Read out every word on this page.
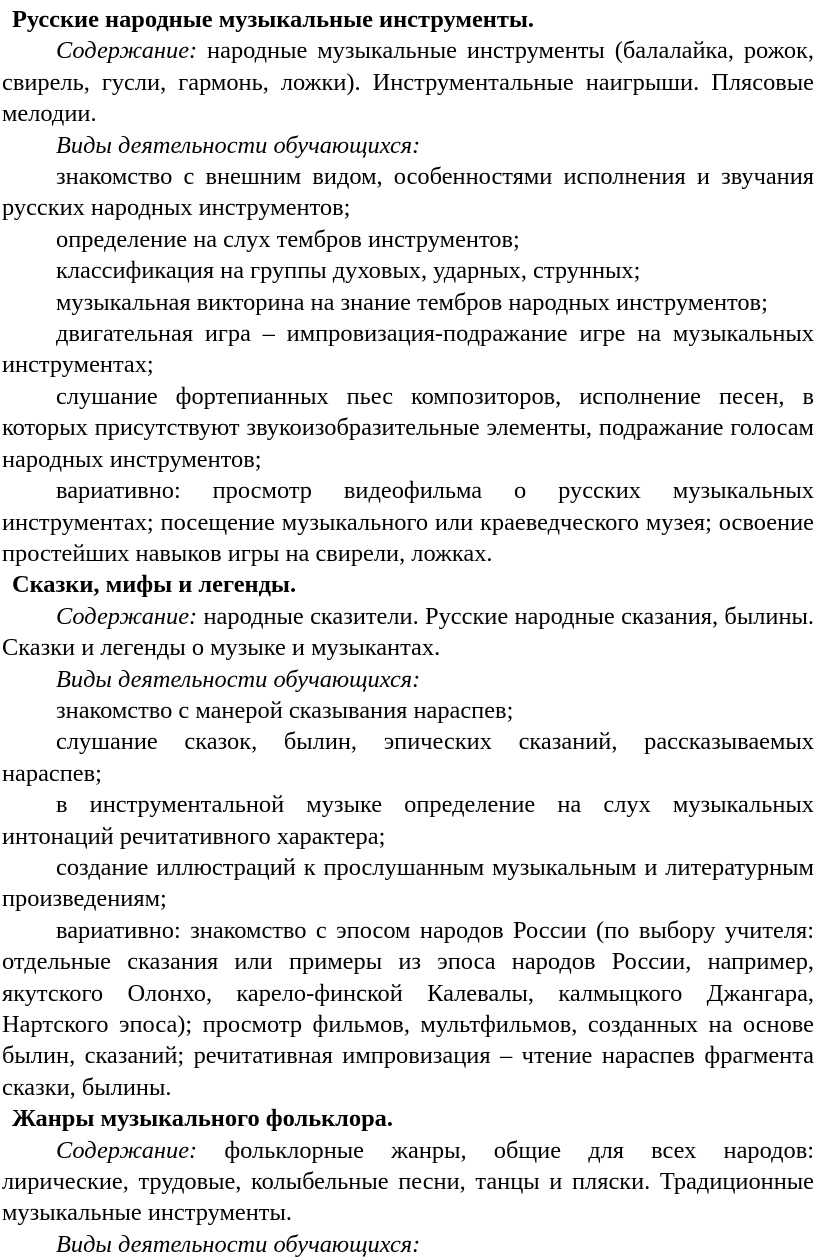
Русские народные музыкальные инструменты.

Содержание: народные музыкальные инструменты (балалайка, рожок, свирель, гусли, гармонь, ложки). Инструментальные наигрыши. Плясовые мелодии.

Виды деятельности обучающихся:

знакомство с внешним видом, особенностями исполнения и звучания русских народных инструментов;

определение на слух тембров инструментов;

классификация на группы духовых, ударных, струнных;

музыкальная викторина на знание тембров народных инструментов;

двигательная игра – импровизация-подражание игре на музыкальных инструментах;

слушание фортепианных пьес композиторов, исполнение песен, в которых присутствуют звукоизобразительные элементы, подражание голосам народных инструментов;

вариативно: просмотр видеофильма о русских музыкальных инструментах; посещение музыкального или краеведческого музея; освоение простейших навыков игры на свирели, ложках.

Сказки, мифы и легенды.

Содержание: народные сказители. Русские народные сказания, былины. Сказки и легенды о музыке и музыкантах.

Виды деятельности обучающихся:

знакомство с манерой сказывания нараспев;

слушание сказок, былин, эпических сказаний, рассказываемых нараспев;

в инструментальной музыке определение на слух музыкальных интонаций речитативного характера;

создание иллюстраций к прослушанным музыкальным и литературным произведениям;

вариативно: знакомство с эпосом народов России (по выбору учителя: отдельные сказания или примеры из эпоса народов России, например, якутского Олонхо, карело-финской Калевалы, калмыцкого Джангара, Нартского эпоса); просмотр фильмов, мультфильмов, созданных на основе былин, сказаний; речитативная импровизация – чтение нараспев фрагмента сказки, былины.

Жанры музыкального фольклора.

Содержание: фольклорные жанры, общие для всех народов: лирические, трудовые, колыбельные песни, танцы и пляски. Традиционные музыкальные инструменты.

Виды деятельности обучающихся:
